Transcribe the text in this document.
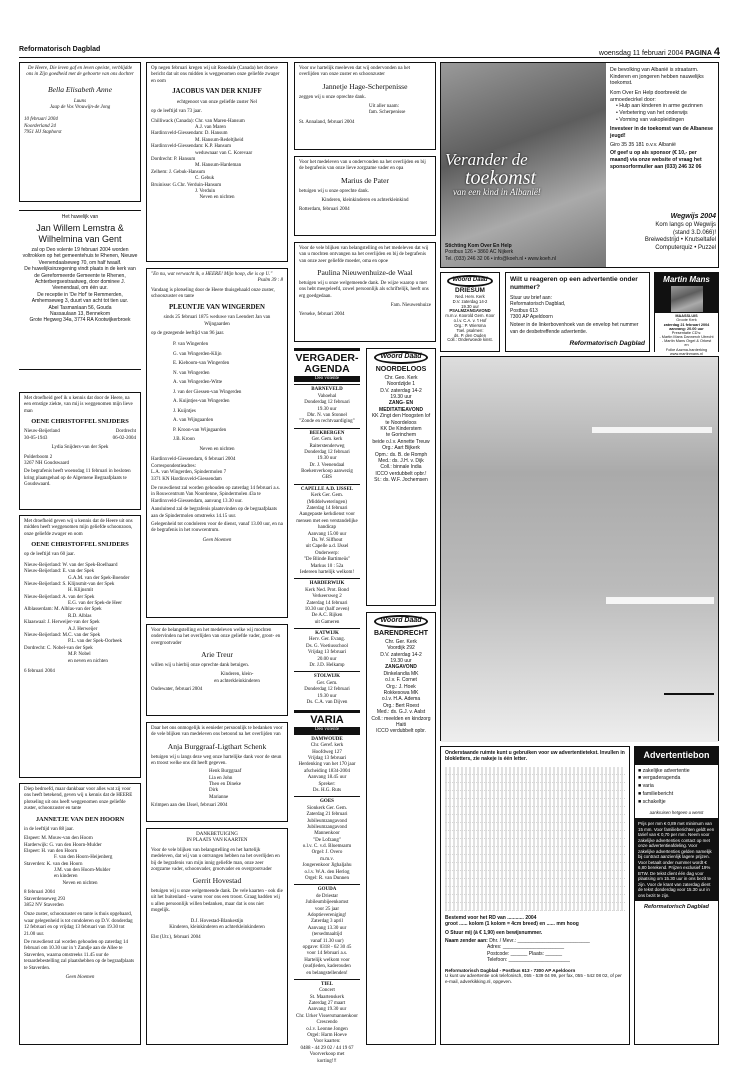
Reformatorisch Dagblad
woensdag 11 februari 2004 PAGINA 4
De Heere, Die leven gaf en leven opeiste, verblijdde ons in Zijn goedheid met de geboorte van ons dochter
Bella Elisabeth Anne
Luuns
Jaap de Vos Vrouwijn-de Jong
10 februari 2004
Noorderland 24
7951 HJ Staphorst
Het huwelijk van
Jan Willem Lemstra &
Wilhelmina van Gent

zal op Deo volente 19 februari 2004 worden voltrokken op het gemeentehuis te Rhenen, Nieuwe Veenendaalseweg 70, om half twaalf.

De huwelijksinzegening vindt plaats in de kerk van de Gereformeerde Gemeente te Rhenen, Achterbergsestraatweg, door dominee J. Veenendaal, om één uur.

De receptie in 'De Hof' te Remmerden, Amhemseweg 3, duurt van acht tot tien uur.

Abel Tasmanlaan 56, Gouda

Nassaulaan 13, Bennekom

Grote Hegweg 34a, 3774 RA Kootwijkerbroek

Met droefheid geef ik u kennis dat door de Heere, na een ernstige ziekte, van mij is weggenomen mijn lieve man
OENE CHRISTOFFEL SNIJDERS
Nieuw-Beijerland	Dordrecht
30-05-1943	06-02-2004
Lydia Snijders-van der Spek
Polderboom 2
3267 NH Goudswaard
De begrafenis heeft woensdag 11 februari in besloten kring plaatsgehad op de Algemene Begraafplaats te Goudswaard.
Met droefheid geven wij u kennis dat de Heere uit ons midden heeft weggenomen mijn geliefde schoonzoon, onze geliefde zwager en oom
OENE CHRISTOFFEL SNIJDERS
op de leeftijd van 60 jaar.
Nieuw-Beijerland: W. van der Spek-Boelhaard
Nieuw-Beijerland: E. van der Spek
G.A.M. van der Spek-Boender
Nieuw-Beijerland: S. Klijnsmit-van der Spek
H. Klijnsmit
Nieuw-Beijerland: A. van der Spek
E.G. van der Spek-de Heer
Alblasserdam: M. Alblas-van der Spek
R.D. Alblas
Klaaswaal: J. Herweijer-van der Spek
A.J. Herweijer
Nieuw-Beijerland: M.C. van der Spek
P.L. van der Spek-Oorbeek
Dordrecht: C. Nobel-van der Spek
M.P. Nobel
en neven en nichten
6 februari 2004
Diep bedroefd, maar dankbaar voor alles wat zij voor ons heeft betekend, geven wij u kennis dat de HEERE plotseling uit ons heeft weggenomen onze geliefde zuster, schoonzuster en tante
JANNETJE VAN DEN HOORN
in de leeftijd van 88 jaar.
Elspeet: M. Mouw-van den Hoorn
Harderwijk: G. van den Hoorn-Mulder
Elspeet: H. van den Hoorn
F. van den Hoorn-Heijenberg
Staverden: K. van den Hoorn
J.M. van den Hoorn-Mulder
en kinderen
Neven en nichten
8 februari 2004
Staverdenseweg 293
3852 NV Staverden

Onze zuster, schoonzuster en tante is thuis opgebaard, waar gelegenheid is tot condoleren op D.V. donderdag 12 februari en op vrijdag 13 februari van 19.30 tot 21.00 uur.

De rouwdienst zal worden gehouden op zaterdag 14 februari om 10.30 uur in 't Zandje aan de Allee te Staverden, waarna omstreeks 11.45 uur de teraardebestelling zal plaatshebben op de begraafplaats te Staverden.

Geen bloemen
Op negen februari kregen wij uit Rosedale (Canada) het droeve bericht dat uit ons midden is weggenomen onze geliefde zwager en oom
JACOBUS VAN DER KNIJFF
echtgenoot van onze geliefde zuster Nel
op de leeftijd van 73 jaar.
Chilliwack (Canada): Chr. van Maren-Hansum
A.J. van Maren
Hardinxveld-Giessendam: D. Hansum
M. Hansum-Redeltjheid
Hardinxveld-Giessendam: K.P. Hansum
weduwnaar van C. Korevaar
Dordrecht: P. Hansum
M. Hansum-Hardeman
Zelhem: J. Gebuk-Hansum
C. Gebuk
Bruinisse: G.Chr. Verduin-Hansum
J. Verduin
Neven en nichten
"En nu, wat verwacht ik, o HEERE! Mijn hoop, die is op U."
Psalm 39 : 8
Vandaag is plotseling door de Heere thuisgehaald onze zuster, schoonzuster en tante
PLEUNTJE VAN WINGERDEN
sinds 25 februari 1875 weduwe van Leendert Jan van Wijngaarden
op de gezegende leeftijd van 96 jaar.
P. van Wingerden
G. van Wingerden-Klijn
E. Kieboom-van Wingerden
N. van Wingerden
A. van Wingerden-Witte
J. van der Giessen-van Wingerden
A. Kuijntjes-van Wingerden
J. Kuijntjes
A. van Wijngaarden
P. Kroon-van Wijngaarden
J.B. Kroon
Neven en nichten
Hardinxveld-Giessendam, 6 februari 2004
Correspondentieadres:
L.A. van Wingerden, Spindermolen 7
3371 KN Hardinxveld-Giessendam

De rouwdienst zal worden gehouden op zaterdag 14 februari a.s. in Rouwcentrum Van Noordenne, Spindermolen 43a te Hardinxveld-Giessendam, aanvang 13.30 uur.

Aansluitend zal de begrafenis plaatsvinden op de begraafplaats aan de Spindermolen omstreeks 14.15 uur.

Gelegenheid tot condoleren voor de dienst, vanaf 13.00 uur, en na de begrafenis in het rouwcentrum.

Geen bloemen
Voor de belangstelling en het medeleven welke wij mochten ondervinden na het overlijden van onze geliefde vader, groot- en overgrootvader
Arie Treur
willen wij u hierbij onze oprechte dank betuigen.
Kinderen, klein-
en achterkleinkinderen
Oudewater, februari 2004
Daar het ons onmogelijk is eenieder persoonlijk te bedanken voor de vele blijken van medeleven ons betoond na het overlijden van
Anja Burggraaf-Ligthart Schenk
betuigen wij u langs deze weg onze hartelijke dank voor de steun en troost welke ons dit heeft gegeven.
Henk Burggraaf
Lia en John
Theo en Dineke
Dirk
Marianne
Krimpen aan den IJssel, februari 2004
DANKBETUIGING
IN PLAATS VAN KAARTEN
Voor de vele blijken van belangstelling en het hartelijk medeleven, dat wij van u ontvangen hebben na het overlijden en bij de begrafenis van mijn innig geliefde man, onze zeer zorgzame vader, schoonvader, grootvader en overgrootvader
Gerrit Hovestad
betuigen wij u onze welgemeende dank. De vele kaarten - ook die uit het buitenland - waren voor ons een troost. Graag hadden wij u allen persoonlijk willen bedanken, maar dat is ons niet mogelijk.
D.J. Hovestad-Blankestijn
Kinderen, kleinkinderen en achterkleinkinderen
Elst (Utr.), februari 2004
Voor uw hartelijk meeleven dat wij ondervonden na het overlijden van onze zuster en schoonzuster
Jannetje Hage-Scherpenisse
zeggen wij u onze oprechte dank.
Uit aller naam:
fam. Scherpenisse
St. Annaland, februari 2004
Voor het medeleven van u ondervonden na het overlijden en bij de begrafenis van onze lieve zorgzame vader en opa
Marius de Pater
betuigen wij u onze oprechte dank.
Kinderen, kleinkinderen en achterkleinkind
Rotterdam, februari 2004
Voor de vele blijken van belangstelling en het medeleven dat wij van u mochten ontvangen na het overlijden en bij de begrafenis van onze zeer geliefde moeder, oma en opoe
Paulina Nieuwenhuize-de Waal
betuigen wij u onze welgemeende dank. De wijze waarop u met ons hebt meegeleefd, zowel persoonlijk als schriftelijk, heeft ons erg goedgedaan.
Fam. Nieuwenhuize
Yerseke, februari 2004
VERGADER-
AGENDA
Deo volente
BARNEVELD
Vahoehal
Donderdag 12 februari
19.30 uur
Dhr. N. van Stonnel
"Zonde en rechtvaardiging"
BEEKBERGEN
Ger. Gem. kerk
Raiterstenderweg
Donderdag 12 februari
19.30 uur
Dr. J. Veenendaal
Boekenverkoop aanwezig
GBS
CAPELLE A.D. IJSSEL
Kerk Ger. Gem.
(Middelweteringen)
Zaterdag 14 februari
Aangepaste kerkdienst voor mensen met een verstandelijke handicap
Aanvang 15.00 uur
Ds. W. Silfhout
uit Capelle a.d. IJssel
Onderwerp:
"De Blinde Bartimeüs"
Markus 10 : 52a
Iedereen hartelijk welkom!
HARDERWIJK
Kerk Ned. Prot. Bond
Verkeersweg 2
Zaterdag 14 februari
10.30 uur (half zeven)
De A.C. Rijken
uit Gameren
KATWIJK
Herv. Ger. Evang.
Ds. G. Voetiusschool
Vrijdag 13 februari
20.00 uur
Dr. J.D. Helkamp
STOLWIJK
Ger. Gem.
Donderdag 12 februari
19.30 uur
Ds. C.A. van Dijven
VARIA
Deo volente
DAMWOUDE
Chr. Geref. kerk
Hoofdweg 127
Vrijdag 13 februari
Herdenking van het 170 jaar afscheiding 1834-2004
Aanvang 18.45 uur
Spreker:
Ds. H.G. Ruts
GOES
Sionkerk Ger. Gem.
Zaterdag 21 februari
Jubileumzangavond
Jubileumzangavond
Mannenkoor
"De Lofzang"
o.l.v. C. v.d. Bloemsarm
Orgel: J. Overo
m.m.v.
Jongerenkoor Jighaljahu
o.l.v. W.A. den Herlog
Orgel: R. van Dunnen
GOUDA
de Driestar
Jubileumbijeenkomst
voor 25 jaar
Adoptievereniging!
Zaterdag 3 april
Aanvang 13.30 uur
(tersedmaaltijd
vanaf 11.30 uur)
opgave: 0318 - 62 30 45
voor 14 februari a.s.
Hartelijk welkom voor
(oud)leden, kaderouden
en belangstellenden!
TIEL
Concert
St. Maartenskerk
Zaterdag 27 maart
Aanvang 19.30 uur
Chr. Urker Vissersmannenkoor
Crescendo
o.l.v. Leonne Jongen
Orgel: Harm Hoeve
Voor kaarten:
0488 - 44 29 02 / 44 19 67
Voorverkoop met
korting!!!
Woord Daad
NOORDELOOS
Chr. Geo. Kerk
Noordzijde 1
D.V. zaterdag 14-2
19.30 uur
ZANG- EN
MEDITATIEAVOND
KK Zingt den Hoogsten lof
te Noordeloos
KK De Kinderstem
te Gorinchem
beide o.l.v. Annette Treuw
Org.: Aart Bijkerk
Opm.: ds. B. de Romph
Med.: ds. J.H. v. Dijk
Coll.: binnale India
ICCO verdubbelt opbr.!
St.: ds. W.F. Jochemsen
Woord Daad
BARENDRECHT
Chr. Ger. Kerk
Voordijk 292
D.V. zaterdag 14-2
19.30 uur
ZANGAVOND
Dinkelandia MK
o.l.v. F. Cornet
Org.: J. Hoek
Rokkesowa MK
o.l.v. H.A. Adema
Org.: Bert Roest
Med.: ds. G.J. v. Aalst
Coll.: meelden en kindzorg
Haiti
ICCO verdubbelt opbr.
Verander de
toekomst
van een kind in Albanië!
Stichting Kom Over En Help
Postbus 126 • 3860 AC Nijkerk
Tel. (033) 246 32 06 • info@koeh.nl • www.koeh.nl

De bevolking van Albanië is straatarm. Kinderen en jongeren hebben nauwelijks toekomst.

Kom Over En Help doorbreekt de armoedecirkel door:

• Hulp aan kinderen in arme gezinnen

• Verbetering van het onderwijs

• Vorming van vakopleidingen

Investeer in de toekomst van de Albanese jeugd!

Giro 35 35 181 o.v.v. Albanië

Of geef u op als sponsor (€ 10,- per maand) via onze website of vraag het sponsorformulier aan (033) 246 32 06

Wegwijs 2004
Kom langs op Wegwijs
(stand 3.D.066)!
Breiwedstrijd • Knutseltafel
Computerquiz • Puzzel
Woord Daad
DRIESUM
Ned. Herv. Kerk
D.V. zaterdag 14-2
19.30 uur
PSALMZANGAVOND
m.m.v. Koorold Gem. Koor
o.l.v. C.A. v. 't Hof
Org.: P. Wiersma
Toel. psalmen:
ds. P. den Ouden
Coll.: Onderwoede kinst.
Wilt u reageren op een advertentie onder nummer?
Stuur uw brief aan:
Reformatorisch Dagblad,
Postbus 613
7300 AP Apeldoorn
Noteer in de linkerbovenhoek van de envelop het nummer van de desbetreffende advertentie.
Reformatorisch Dagblad
Martin Mans
MAASSLUIS
Groote Kerk
zaterdag 21 februari 2004
aanvang: 20.00 uur
Presentatie CD's:
- Martin Mans Dannerch Utrecht
- Martin Mans Orgel & Orkest
en
Folke Aazma-harderking
www.martinmans.nl

Onderstaande ruimte kunt u gebruiken voor uw advertentietekst. Invullen in blokletters, zie nakeje is één letter.
Bestemd voor het RD van ............ 2004
groot ...... kolom (1 kolom = 4cm breed) en ...... mm hoog
O Stuur mij (à € 1,90) een bewijsnummer.
Naam zender aan: Dhr. / Mevr.: __________________________
Adres: ______________________
Postcode: ______ Plaats: ______
Telefoon: ______________________
Reformatorisch Dagblad - Postbus 613 - 7300 AP Apeldoorn
U kunt uw advertentie ook telefonisch, 055 - 539 04 99, per fax, 055 - 542 08 02, of per e-mail, adverkikking.nl, opgeven.
Advertentiebon
■ zakelijke advertentie
■ vergaderagenda
■ varia
■ familiebericht
■ schakeltje
aankruisen hetgeen u wenst
Prijs per mm € 0,89 met minimum van 15 mm. Voor familieberichten geldt een tarief van € 0,70 per mm. Neem voor zakelijke advertenties contact op met onze advertentieafdeling. Voor zakelijke advertenties gelden namelijk bij contract aanzienlijk lagere prijzen. Voor betaalt onder nummer wordt € 6,80 berekend. Prijzen exclusief 19% BTW. De tekst dient één dag voor plaatsing om 15.30 uur in ons bezit te zijn. Voor de krant van zaterdag dient de tekst donderdag voor 15.30 uur in ons bezit te zijn.
Reformatorisch Dagblad
